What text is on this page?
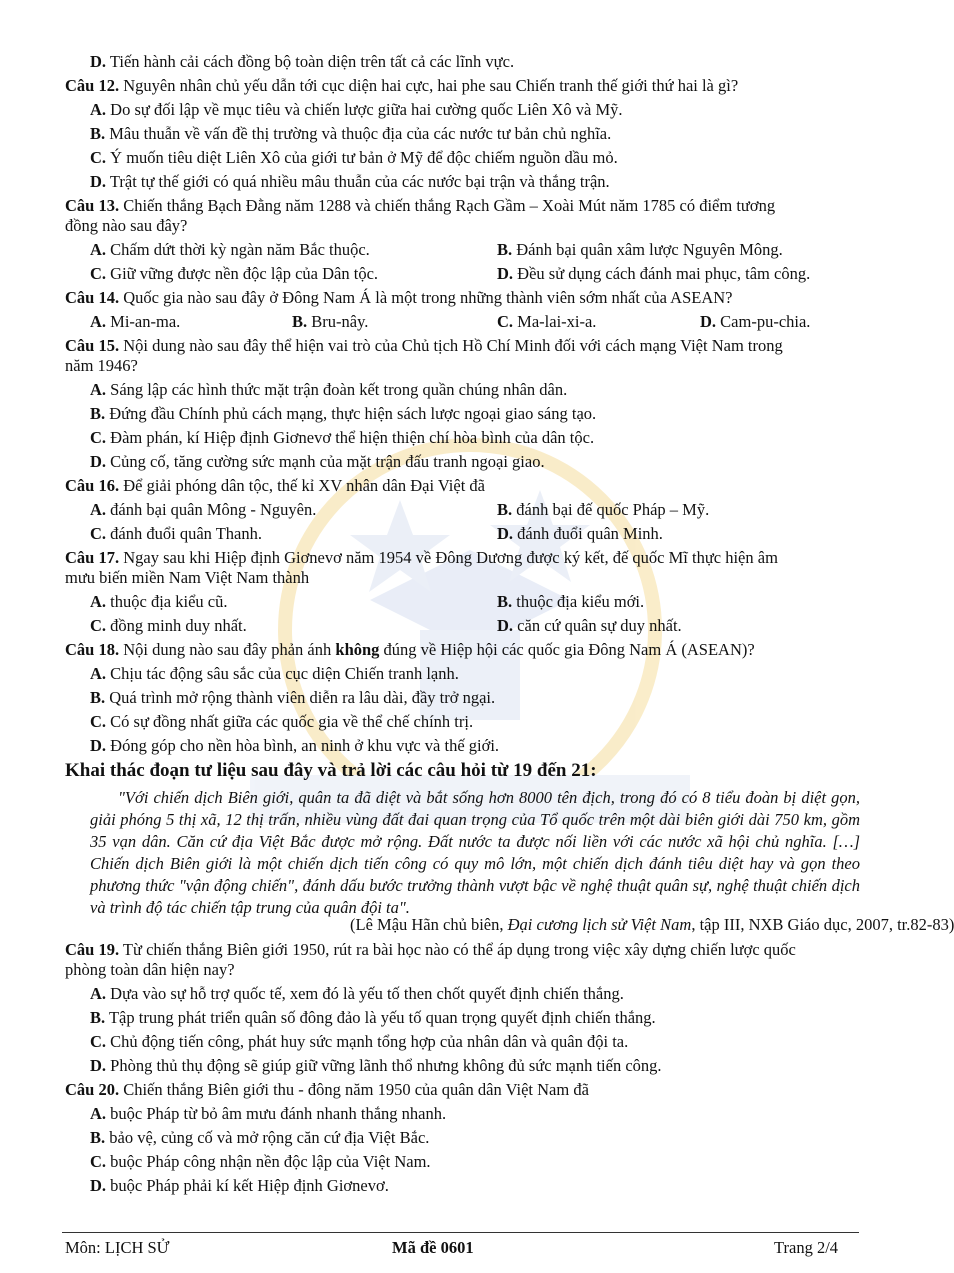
D. Tiến hành cải cách đồng bộ toàn diện trên tất cả các lĩnh vực.
Câu 12. Nguyên nhân chủ yếu dẫn tới cục diện hai cực, hai phe sau Chiến tranh thế giới thứ hai là gì?
A. Do sự đối lập về mục tiêu và chiến lược giữa hai cường quốc Liên Xô và Mỹ.
B. Mâu thuẫn về vấn đề thị trường và thuộc địa của các nước tư bản chủ nghĩa.
C. Ý muốn tiêu diệt Liên Xô của giới tư bản ở Mỹ để độc chiếm nguồn dầu mỏ.
D. Trật tự thế giới có quá nhiều mâu thuẫn của các nước bại trận và thắng trận.
Câu 13. Chiến thắng Bạch Đằng năm 1288 và chiến thắng Rạch Gầm – Xoài Mút năm 1785 có điểm tương
đồng nào sau đây?
A. Chấm dứt thời kỳ ngàn năm Bắc thuộc.	B. Đánh bại quân xâm lược Nguyên Mông.
C. Giữ vững được nền độc lập của Dân tộc.	D. Đều sử dụng cách đánh mai phục, tâm công.
Câu 14. Quốc gia nào sau đây ở Đông Nam Á là một trong những thành viên sớm nhất của ASEAN?
A. Mi-an-ma.	B. Bru-nây.	C. Ma-lai-xi-a.	D. Cam-pu-chia.
Câu 15. Nội dung nào sau đây thể hiện vai trò của Chủ tịch Hồ Chí Minh đối với cách mạng Việt Nam trong
năm 1946?
A. Sáng lập các hình thức mặt trận đoàn kết trong quần chúng nhân dân.
B. Đứng đầu Chính phủ cách mạng, thực hiện sách lược ngoại giao sáng tạo.
C. Đàm phán, kí Hiệp định Giơnevơ thể hiện thiện chí hòa bình của dân tộc.
D. Củng cố, tăng cường sức mạnh của mặt trận đấu tranh ngoại giao.
Câu 16. Để giải phóng dân tộc, thế kỉ XV nhân dân Đại Việt đã
A. đánh bại quân Mông - Nguyên.	B. đánh bại đế quốc Pháp – Mỹ.
C. đánh đuổi quân Thanh.	D. đánh đuổi quân Minh.
Câu 17. Ngay sau khi Hiệp định Giơnevơ năm 1954 về Đông Dương được ký kết, đế quốc Mĩ thực hiện âm
mưu biến miền Nam Việt Nam thành
A. thuộc địa kiểu cũ.	B. thuộc địa kiểu mới.
C. đồng minh duy nhất.	D. căn cứ quân sự duy nhất.
Câu 18. Nội dung nào sau đây phản ánh không đúng về Hiệp hội các quốc gia Đông Nam Á (ASEAN)?
A. Chịu tác động sâu sắc của cục diện Chiến tranh lạnh.
B. Quá trình mở rộng thành viên diễn ra lâu dài, đầy trở ngại.
C. Có sự đồng nhất giữa các quốc gia về thể chế chính trị.
D. Đóng góp cho nền hòa bình, an ninh ở khu vực và thế giới.
Khai thác đoạn tư liệu sau đây và trả lời các câu hỏi từ 19 đến 21:
"Với chiến dịch Biên giới, quân ta đã diệt và bắt sống hơn 8000 tên địch, trong đó có 8 tiểu đoàn bị diệt gọn, giải phóng 5 thị xã, 12 thị trấn, nhiều vùng đất đai quan trọng của Tổ quốc trên một dài biên giới dài 750 km, gồm 35 vạn dân. Căn cứ địa Việt Bắc được mở rộng. Đất nước ta được nối liền với các nước xã hội chủ nghĩa. […] Chiến dịch Biên giới là một chiến dịch tiến công có quy mô lớn, một chiến dịch đánh tiêu diệt hay và gọn theo phương thức "vận động chiến", đánh dấu bước trưởng thành vượt bậc về nghệ thuật quân sự, nghệ thuật chiến dịch và trình độ tác chiến tập trung của quân đội ta".
(Lê Mậu Hãn chủ biên, Đại cương lịch sử Việt Nam, tập III, NXB Giáo dục, 2007, tr.82-83)
Câu 19. Từ chiến thắng Biên giới 1950, rút ra bài học nào có thể áp dụng trong việc xây dựng chiến lược quốc
phòng toàn dân hiện nay?
A. Dựa vào sự hỗ trợ quốc tế, xem đó là yếu tố then chốt quyết định chiến thắng.
B. Tập trung phát triển quân số đông đảo là yếu tố quan trọng quyết định chiến thắng.
C. Chủ động tiến công, phát huy sức mạnh tổng hợp của nhân dân và quân đội ta.
D. Phòng thủ thụ động sẽ giúp giữ vững lãnh thổ nhưng không đủ sức mạnh tiến công.
Câu 20. Chiến thắng Biên giới thu - đông năm 1950 của quân dân Việt Nam đã
A. buộc Pháp từ bỏ âm mưu đánh nhanh thắng nhanh.
B. bảo vệ, củng cố và mở rộng căn cứ địa Việt Bắc.
C. buộc Pháp công nhận nền độc lập của Việt Nam.
D. buộc Pháp phải kí kết Hiệp định Giơnevơ.
Môn: LỊCH SỬ	Mã đề 0601	Trang 2/4
